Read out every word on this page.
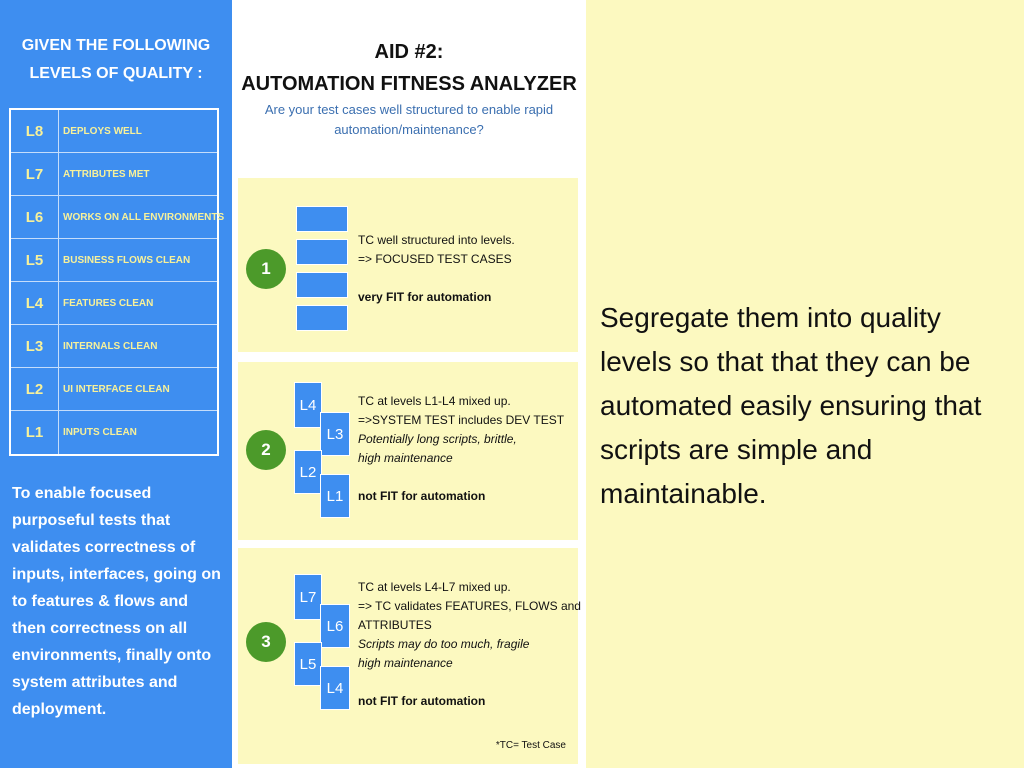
GIVEN THE FOLLOWING
LEVELS OF QUALITY :
L8	DEPLOYS WELL
L7	ATTRIBUTES MET
L6	WORKS ON ALL ENVIRONMENTS
L5	BUSINESS FLOWS CLEAN
L4	FEATURES CLEAN
L3	INTERNALS CLEAN
L2	UI INTERFACE CLEAN
L1	INPUTS CLEAN
To enable focused purposeful tests that validates correctness of inputs, interfaces, going on to features & flows and then correctness on all environments, finally onto system attributes and deployment.
AID #2:
AUTOMATION FITNESS ANALYZER
Are your test cases well structured to enable rapid automation/maintenance?
1
TC well structured into levels.
=> FOCUSED TEST CASES
very FIT for automation
2
L4
L3
L2
L1
TC at levels L1-L4 mixed up.
=>SYSTEM TEST includes DEV TEST
Potentially long scripts, brittle,
high maintenance
not FIT for automation
3
L7
L6
L5
L4
TC at levels L4-L7 mixed up.
=> TC validates FEATURES, FLOWS and
ATTRIBUTES
Scripts may do too much, fragile
high maintenance
not FIT for automation
*TC= Test Case
Segregate them into quality levels so that that they can be automated easily ensuring that scripts are simple and maintainable.
